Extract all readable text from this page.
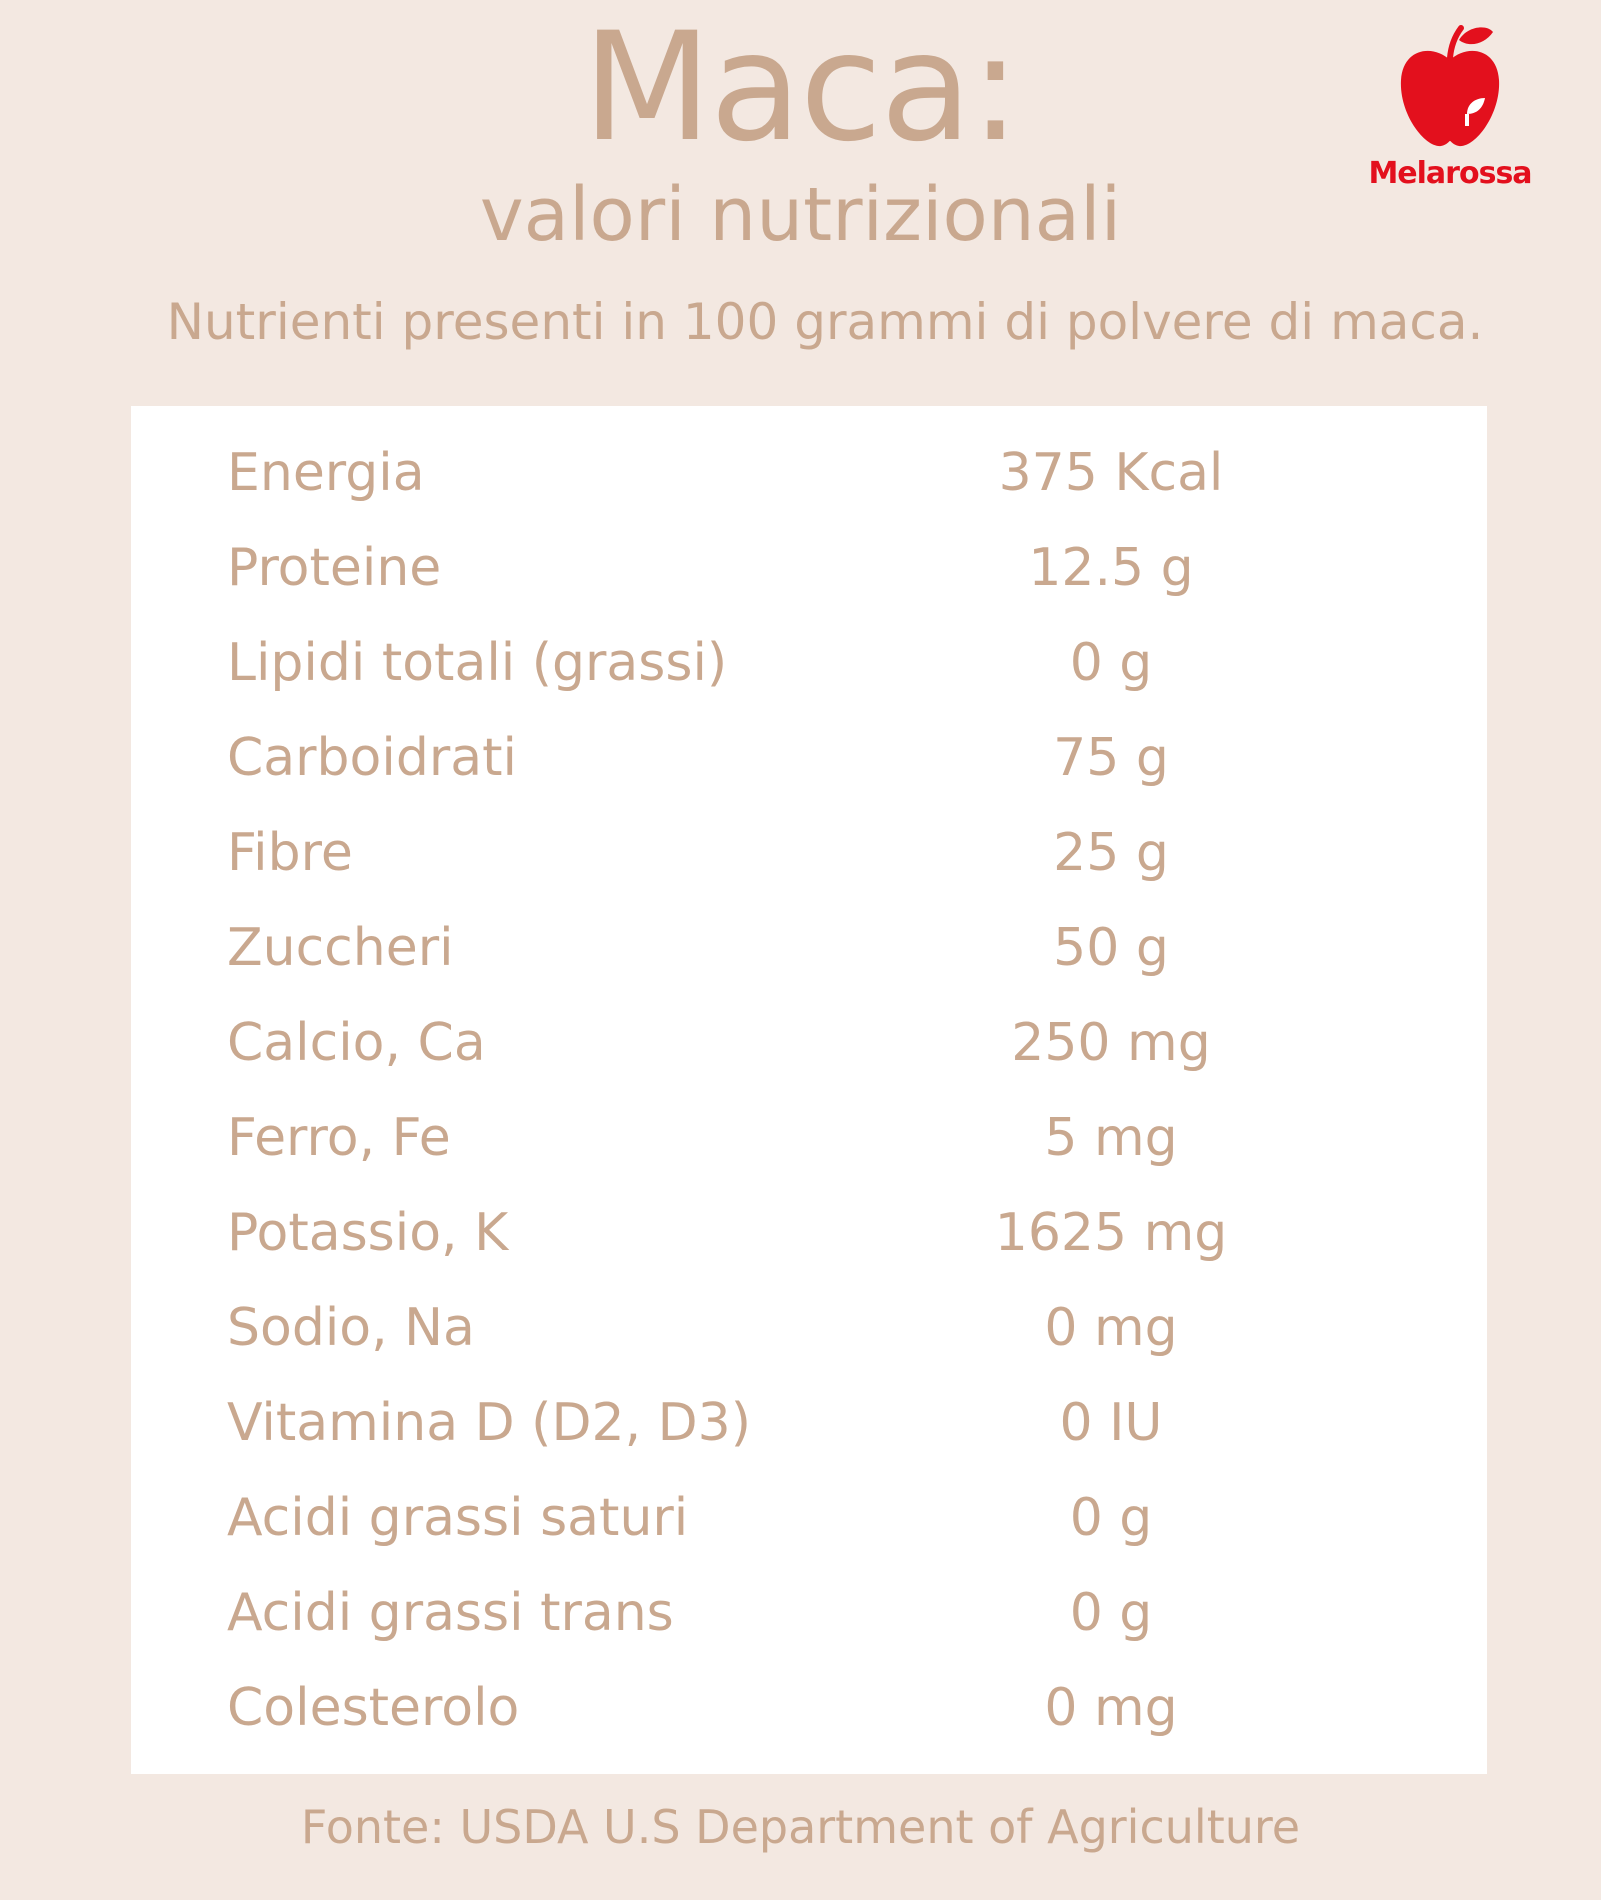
Maca:
valori nutrizionali
Nutrienti presenti in 100 grammi di polvere di maca.
Melarossa
Energia	375 Kcal
Proteine	12.5 g
Lipidi totali (grassi)	0 g
Carboidrati	75 g
Fibre	25 g
Zuccheri	50 g
Calcio, Ca	250 mg
Ferro, Fe	5 mg
Potassio, K	1625 mg
Sodio, Na	0 mg
Vitamina D (D2, D3)	0 IU
Acidi grassi saturi	0 g
Acidi grassi trans	0 g
Colesterolo	0 mg
Fonte: USDA U.S Department of Agriculture
